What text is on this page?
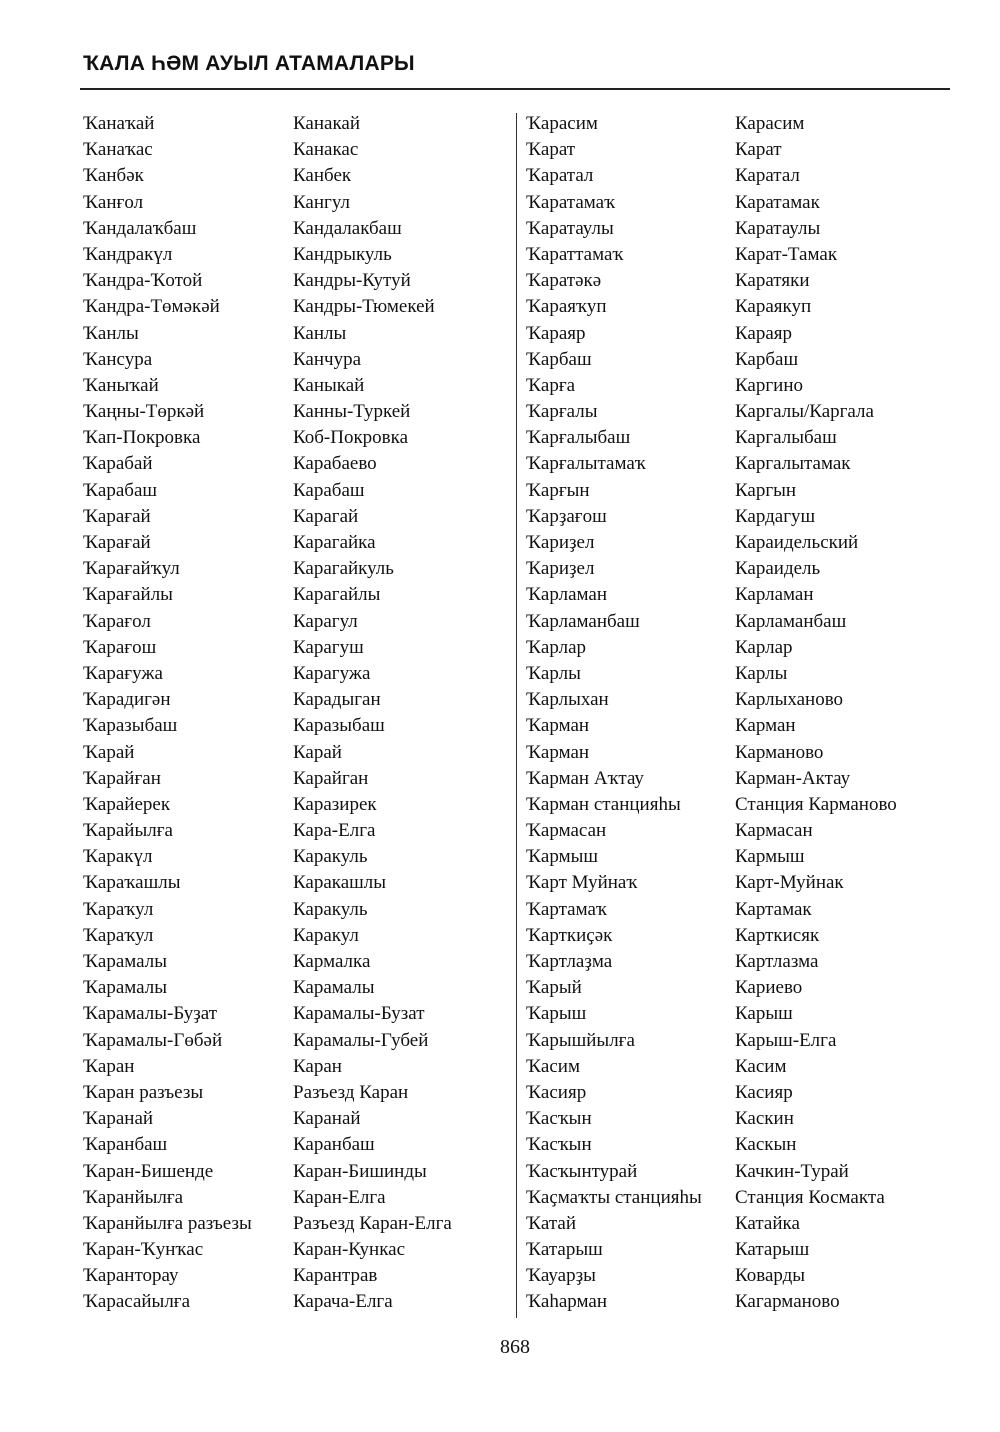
ҠАЛА ҺӘМ АУЫЛ АТАМАЛАРЫ
Ҡанаҡай
Ҡанаҡас
Ҡанбәк
Ҡанғол
Ҡандалаҡбаш
Ҡандракүл
Ҡандра-Ҡотой
Ҡандра-Төмәкәй
Ҡанлы
Ҡансура
Ҡаныҡай
Ҡаңны-Төркәй
Ҡап-Покровка
Ҡарабай
Ҡарабаш
Ҡарағай
Ҡарағай
Ҡарағайҡул
Ҡарағайлы
Ҡарағол
Ҡарағош
Ҡарағужа
Ҡарадигән
Ҡаразыбаш
Ҡарай
Ҡарайған
Ҡарайерек
Ҡарайылға
Ҡаракүл
Ҡараҡашлы
Ҡараҡул
Ҡараҡул
Ҡарамалы
Ҡарамалы
Ҡарамалы-Буҙат
Ҡарамалы-Гөбәй
Ҡаран
Ҡаран разъезы
Ҡаранай
Ҡаранбаш
Ҡаран-Бишенде
Ҡаранйылға
Ҡаранйылға разъезы
Ҡаран-Ҡунҡас
Ҡаранторау
Ҡарасайылға
Канакай
Канакас
Канбек
Кангул
Кандалакбаш
Кандрыкуль
Кандры-Кутуй
Кандры-Тюмекей
Канлы
Канчура
Каныкай
Канны-Туркей
Коб-Покровка
Карабаево
Карабаш
Карагай
Карагайка
Карагайкуль
Карагайлы
Карагул
Карагуш
Карагужа
Карадыган
Каразыбаш
Карай
Карайган
Каразирек
Кара-Елга
Каракуль
Каракашлы
Каракуль
Каракул
Кармалка
Карамалы
Карамалы-Бузат
Карамалы-Губей
Каран
Разъезд Каран
Каранай
Каранбаш
Каран-Бишинды
Каран-Елга
Разъезд Каран-Елга
Каран-Кункас
Карантрав
Карача-Елга
Ҡарасим
Ҡарат
Ҡаратал
Ҡаратамаҡ
Ҡаратаулы
Ҡараттамаҡ
Ҡаратәкә
Ҡараяҡуп
Ҡараяр
Ҡарбаш
Ҡарға
Ҡарғалы
Ҡарғалыбаш
Ҡарғалытамаҡ
Ҡарғын
Ҡарҙағош
Ҡариҙел
Ҡариҙел
Ҡарламан
Ҡарламанбаш
Ҡарлар
Ҡарлы
Ҡарлыхан
Ҡарман
Ҡарман
Ҡарман Аҡтау
Ҡарман станцияһы
Ҡармасан
Ҡармыш
Ҡарт Муйнаҡ
Ҡартамаҡ
Ҡарткиҫәк
Ҡартлаҙма
Ҡарый
Ҡарыш
Ҡарышйылға
Ҡасим
Ҡасияр
Ҡасҡын
Ҡасҡын
Ҡасҡынтурай
Ҡаҫмаҡты станцияһы
Ҡатай
Ҡатарыш
Ҡауарҙы
Ҡаһарман
Карасим
Карат
Каратал
Каратамак
Каратаулы
Карат-Тамак
Каратяки
Караякуп
Караяр
Карбаш
Каргино
Каргалы/Каргала
Каргалыбаш
Каргалытамак
Каргын
Кардагуш
Караидельский
Караидель
Карламан
Карламанбаш
Карлар
Карлы
Карлыханово
Карман
Карманово
Карман-Актау
Станция Карманово
Кармасан
Кармыш
Карт-Муйнак
Картамак
Карткисяк
Картлазма
Кариево
Карыш
Карыш-Елга
Касим
Касияр
Каскин
Каскын
Качкин-Турай
Станция Космакта
Катайка
Катарыш
Коварды
Кагарманово
868
